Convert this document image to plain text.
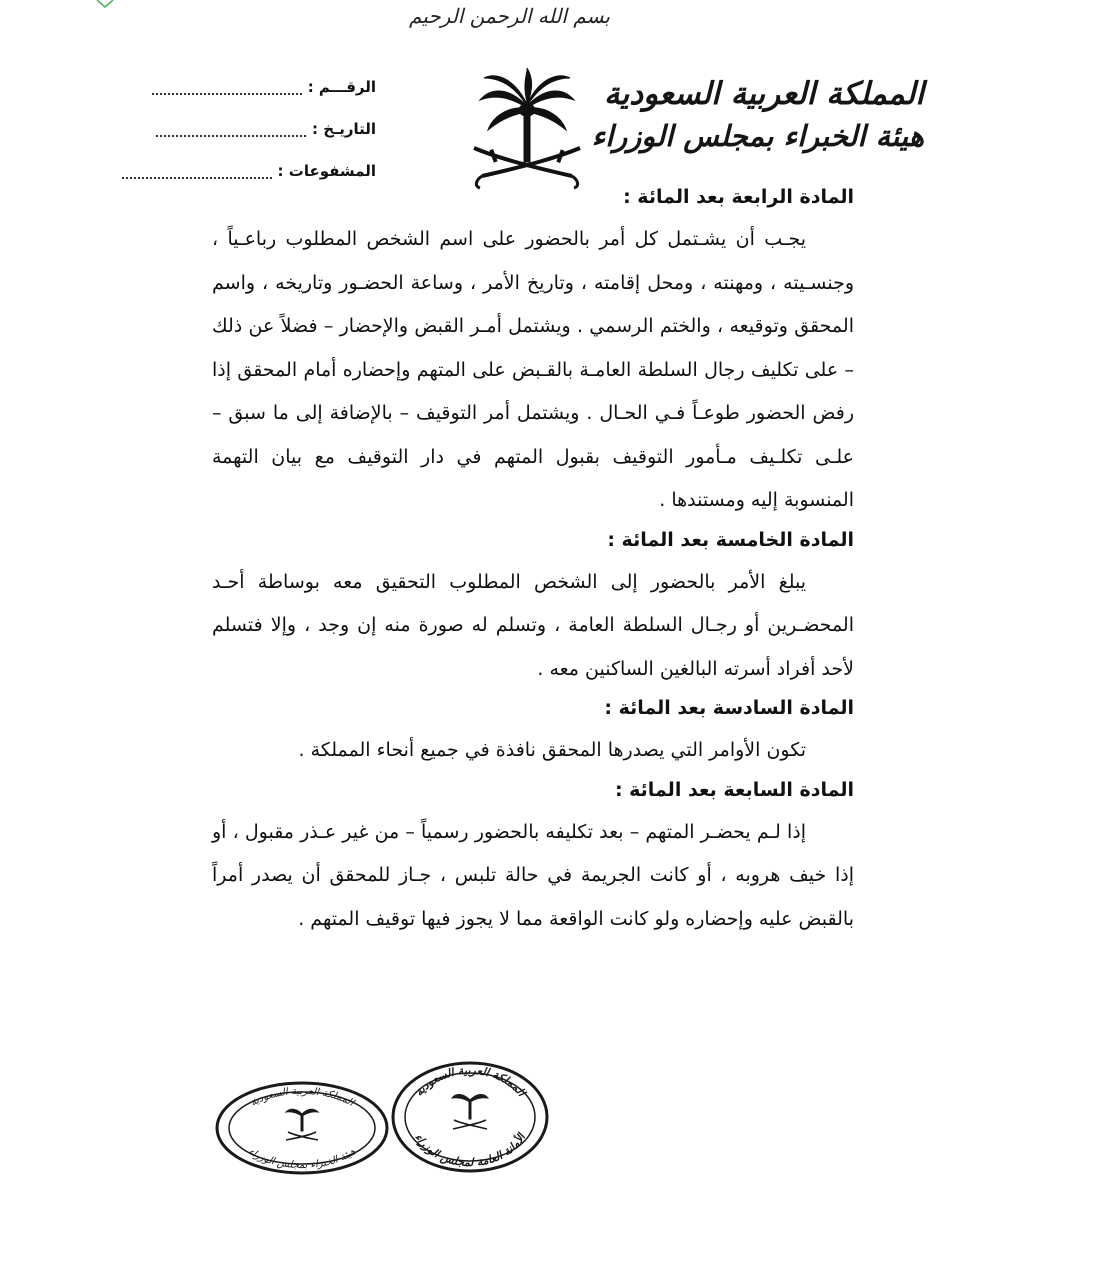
بسم الله الرحمن الرحيم
المملكة العربية السعودية
هيئة الخبراء بمجلس الوزراء
الرقـــم :
التاريـخ :
المشفوعات :

المادة الرابعة بعد المائة :

يجـب أن يشـتمل كل أمر بالحضور على اسم الشخص المطلوب رباعـياً ، وجنسـيته ، ومهنته ، ومحل إقامته ، وتاريخ الأمر ، وساعة الحضـور وتاريخه ، واسم المحقق وتوقيعه ، والختم الرسمي . ويشتمل أمـر القبض والإحضار – فضلاً عن ذلك – على تكليف رجال السلطة العامـة بالقـبض على المتهم وإحضاره أمام المحقق إذا رفض الحضور طوعـاً فـي الحـال . ويشتمل أمر التوقيف – بالإضافة إلى ما سبق – علـى تكلـيف مـأمور التوقيف بقبول المتهم في دار التوقيف مع بيان التهمة المنسوبة إليه ومستندها .

المادة الخامسة بعد المائة :

يبلغ الأمر بالحضور إلى الشخص المطلوب التحقيق معه بوساطة أحـد المحضـرين أو رجـال السلطة العامة ، وتسلم له صورة منه إن وجد ، وإلا فتسلم لأحد أفراد أسرته البالغين الساكنين معه .

المادة السادسة بعد المائة :

تكون الأوامر التي يصدرها المحقق نافذة في جميع أنحاء المملكة .

المادة السابعة بعد المائة :

إذا لـم يحضـر المتهم – بعد تكليفه بالحضور رسمياً – من غير عـذر مقبول ، أو إذا خيف هروبه ، أو كانت الجريمة في حالة تلبس ، جـاز للمحقق أن يصدر أمراً بالقبض عليه وإحضاره ولو كانت الواقعة مما لا يجوز فيها توقيف المتهم .

المملكة العربية السعودية
هيئة الخبراء بمجلس الوزراء
المملكة العربية السعودية
الأمانة العامة لمجلس الوزراء
